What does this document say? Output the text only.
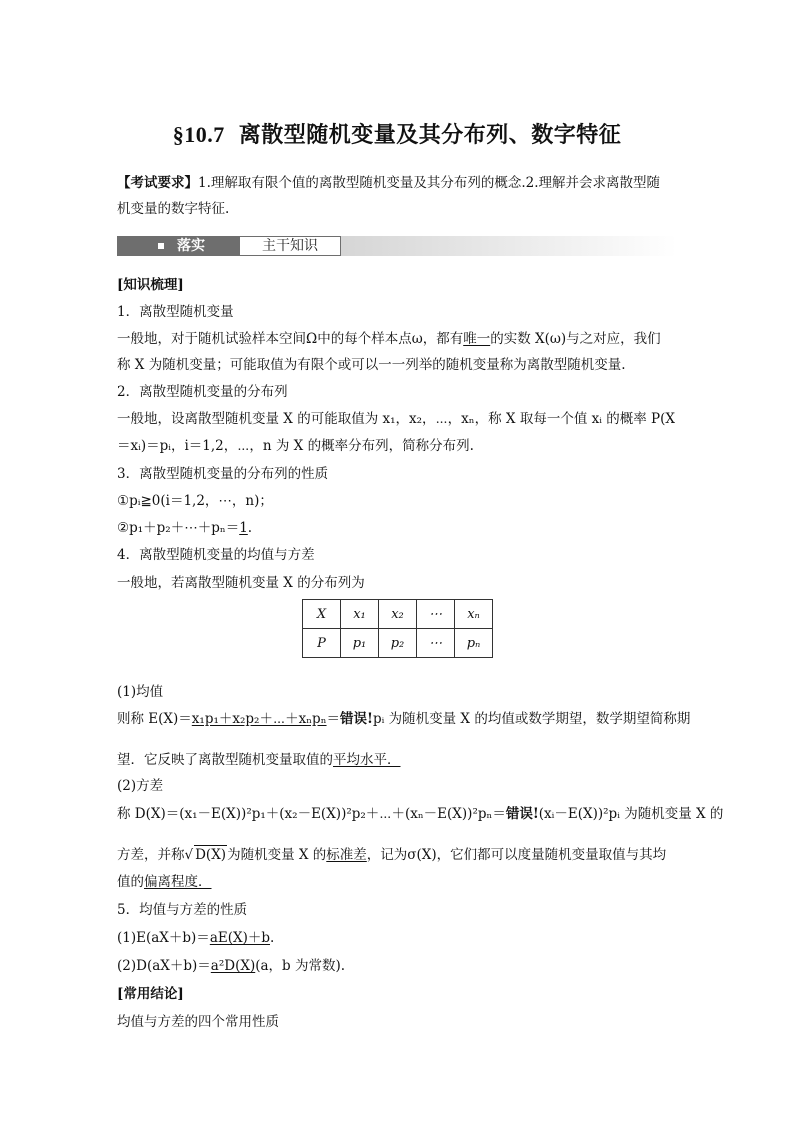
§10.7 离散型随机变量及其分布列、数字特征
【考试要求】1.理解取有限个值的离散型随机变量及其分布列的概念.2.理解并会求离散型随
机变量的数字特征.
落实	主干知识
[知识梳理]
1．离散型随机变量
一般地，对于随机试验样本空间Ω中的每个样本点ω，都有唯一的实数 X(ω)与之对应，我们
称 X 为随机变量；可能取值为有限个或可以一一列举的随机变量称为离散型随机变量.
2．离散型随机变量的分布列
一般地，设离散型随机变量 X 的可能取值为 x₁，x₂，⋯，xₙ，称 X 取每一个值 xᵢ 的概率 P(X
＝xᵢ)＝pᵢ，i＝1,2，⋯，n 为 X 的概率分布列，简称分布列.
3．离散型随机变量的分布列的性质
①pᵢ≧0(i＝1,2，⋯，n)；
②p₁＋p₂＋⋯＋pₙ＝1.
4．离散型随机变量的均值与方差
一般地，若离散型随机变量 X 的分布列为
X	x₁	x₂	⋯	xₙ
P	p₁	p₂	⋯	pₙ
(1)均值
则称 E(X)＝x₁p₁＋x₂p₂＋⋯＋xₙpₙ＝错误!pᵢ 为随机变量 X 的均值或数学期望，数学期望简称期
望．它反映了离散型随机变量取值的平均水平．
(2)方差
称 D(X)＝(x₁－E(X))²p₁＋(x₂－E(X))²p₂＋⋯＋(xₙ－E(X))²pₙ＝错误!(xᵢ－E(X))²pᵢ 为随机变量 X 的
方差，并称√ D(X)为随机变量 X 的标准差，记为σ(X)，它们都可以度量随机变量取值与其均
值的偏离程度．
5．均值与方差的性质
(1)E(aX＋b)＝aE(X)＋b.
(2)D(aX＋b)＝a²D(X)(a，b 为常数).
[常用结论]
均值与方差的四个常用性质
